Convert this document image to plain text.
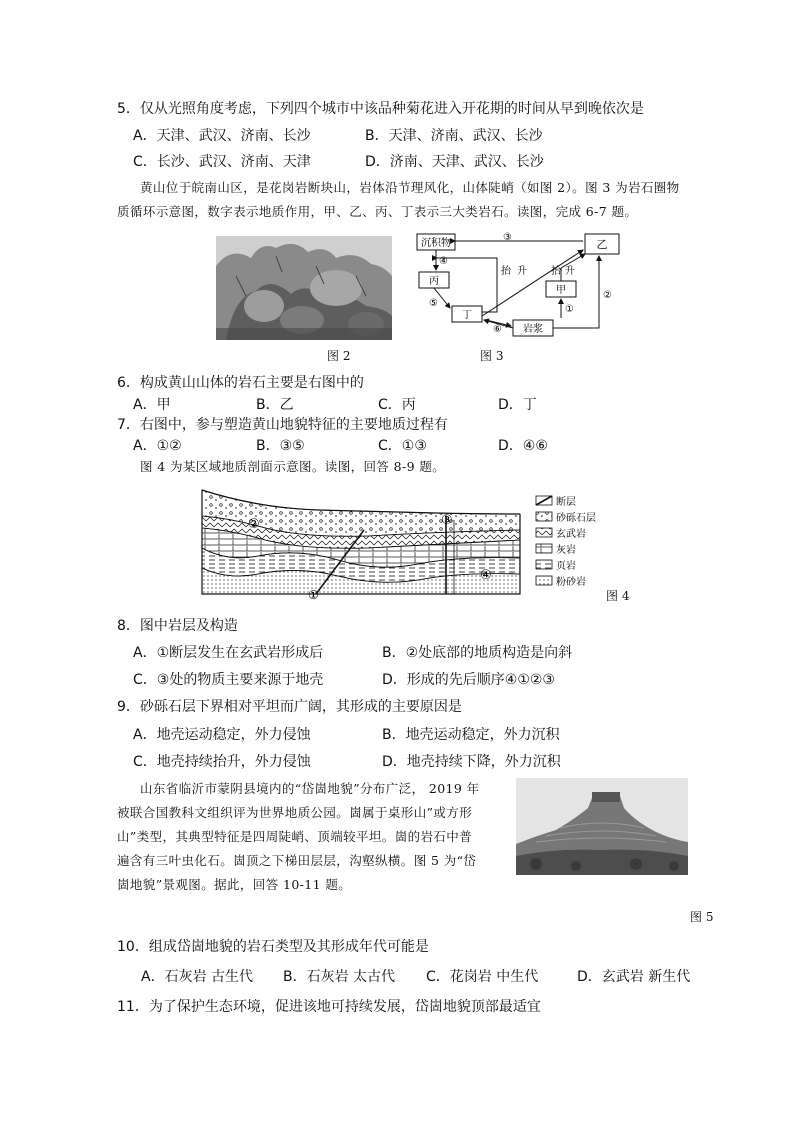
5．仅从光照角度考虑，下列四个城市中该品种菊花进入开花期的时间从早到晚依次是
A．天津、武汉、济南、长沙	B．天津、济南、武汉、长沙
C．长沙、武汉、济南、天津	D．济南、天津、武汉、长沙
黄山位于皖南山区，是花岗岩断块山，岩体沿节理风化，山体陡峭（如图 2）。图 3 为岩石圈物
质循环示意图，数字表示地质作用，甲、乙、丙、丁表示三大类岩石。读图，完成 6-7 题。
图 2
沉积物	乙
丙
甲
丁
岩浆
抬 升 抬 升
③
④
⑤
⑥
①
②
图 3
6．构成黄山山体的岩石主要是右图中的
A．甲	B．乙	C．丙	D．丁
7．右图中，参与塑造黄山地貌特征的主要地质过程有
A．①②	B．③⑤	C．①③	D．④⑥
图 4 为某区域地质剖面示意图。读图，回答 8-9 题。
①
②	③
④
断层
砂砾石层
玄武岩
灰岩
页岩
粉砂岩
图 4
8．图中岩层及构造
A．①断层发生在玄武岩形成后	B．②处底部的地质构造是向斜
C．③处的物质主要来源于地壳	D．形成的先后顺序④①②③
9．砂砾石层下界相对平坦而广阔，其形成的主要原因是
A．地壳运动稳定，外力侵蚀	B．地壳运动稳定，外力沉积
C．地壳持续抬升，外力侵蚀	D．地壳持续下降，外力沉积
山东省临沂市蒙阴县境内的“岱崮地貌”分布广泛， 2019 年
被联合国教科文组织评为世界地质公园。崮属于桌形山”或方形
山”类型，其典型特征是四周陡峭、顶端较平坦。崮的岩石中普
遍含有三叶虫化石。崮顶之下梯田层层，沟壑纵横。图 5 为“岱
崮地貌”景观图。据此，回答 10-11 题。
图 5
10．组成岱崮地貌的岩石类型及其形成年代可能是
A．石灰岩 古生代 B．石灰岩 太古代 C．花岗岩 中生代	D．玄武岩 新生代
11．为了保护生态环境，促进该地可持续发展，岱崮地貌顶部最适宜
